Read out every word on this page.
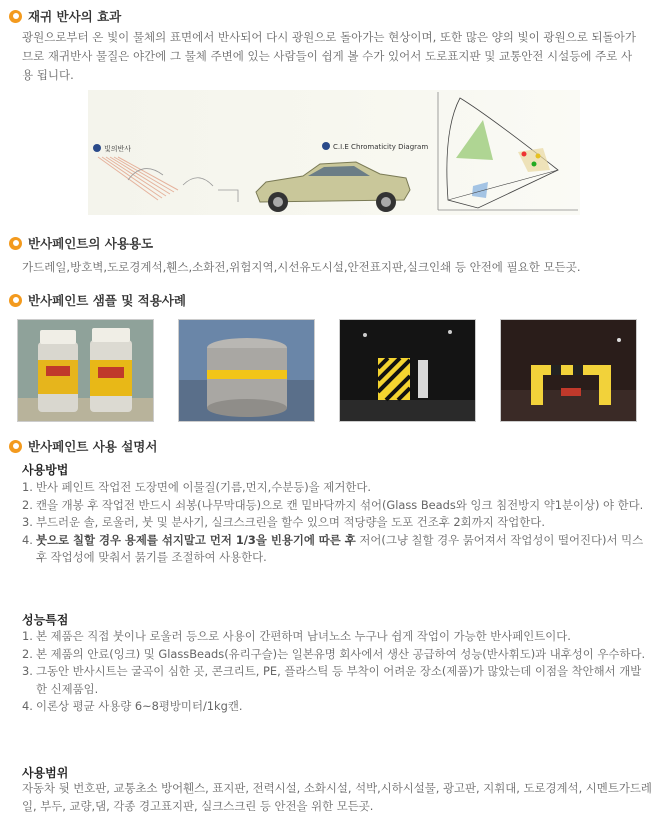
재귀 반사의 효과
광원으로부터 온 빛이 물체의 표면에서 반사되어 다시 광원으로 돌아가는 현상이며, 또한 많은 양의 빛이 광원으로 되돌아가므로 재귀반사 물질은 야간에 그 물체 주변에 있는 사람들이 쉽게 볼 수가 있어서 도로표지판 및 교통안전 시설등에 주로 사용 됩니다.
빛의반사	C.I.E Chromaticity Diagram
반사페인트의 사용용도
가드레일,방호벽,도로경계석,휀스,소화전,위험지역,시선유도시설,안전표지판,실크인쇄 등 안전에 필요한 모든곳.
반사페인트 샘플 및 적용사례
반사페인트 사용 설명서
사용방법
1. 반사 페인트 작업전 도장면에 이물질(기름,먼지,수분등)을 제거한다.
2. 캔을 개봉 후 작업전 반드시 쇠봉(나무막대등)으로 캔 밑바닥까지 섞어(Glass Beads와 잉크 침전방지 약1분이상) 야 한다.
3. 부드러운 솔, 로울러, 붓 및 분사기, 실크스크린을 할수 있으며 적당량을 도포 건조후 2회까지 작업한다.
4. 붓으로 칠할 경우 용제를 섞지말고 먼저 1/3을 빈용기에 따른 후 저어(그냥 칠할 경우 묽어져서 작업성이 떨어진다)서 믹스후 작업성에 맞춰서 묽기를 조절하여 사용한다.
성능특점
1. 본 제품은 직접 붓이나 로울러 등으로 사용이 간편하며 남녀노소 누구나 쉽게 작업이 가능한 반사페인트이다.
2. 본 제품의 안료(잉크) 및 GlassBeads(유리구슬)는 일본유명 회사에서 생산 공급하여 성능(반사휘도)과 내후성이 우수하다.
3. 그동안 반사시트는 굴곡이 심한 곳, 콘크리트, PE, 플라스틱 등 부착이 어려운 장소(제품)가 많았는데 이점을 착안해서 개발한 신제품임.
4. 이론상 평균 사용량 6~8평방미터/1kg캔.
사용범위
자동차 뒷 번호판, 교통초소 방어휀스, 표지판, 전력시설, 소화시설, 석박,시하시설물, 광고판, 지휘대, 도로경계석, 시멘트가드레일, 부두, 교량,댐, 각종 경고표지판, 실크스크린 등 안전을 위한 모든곳.
